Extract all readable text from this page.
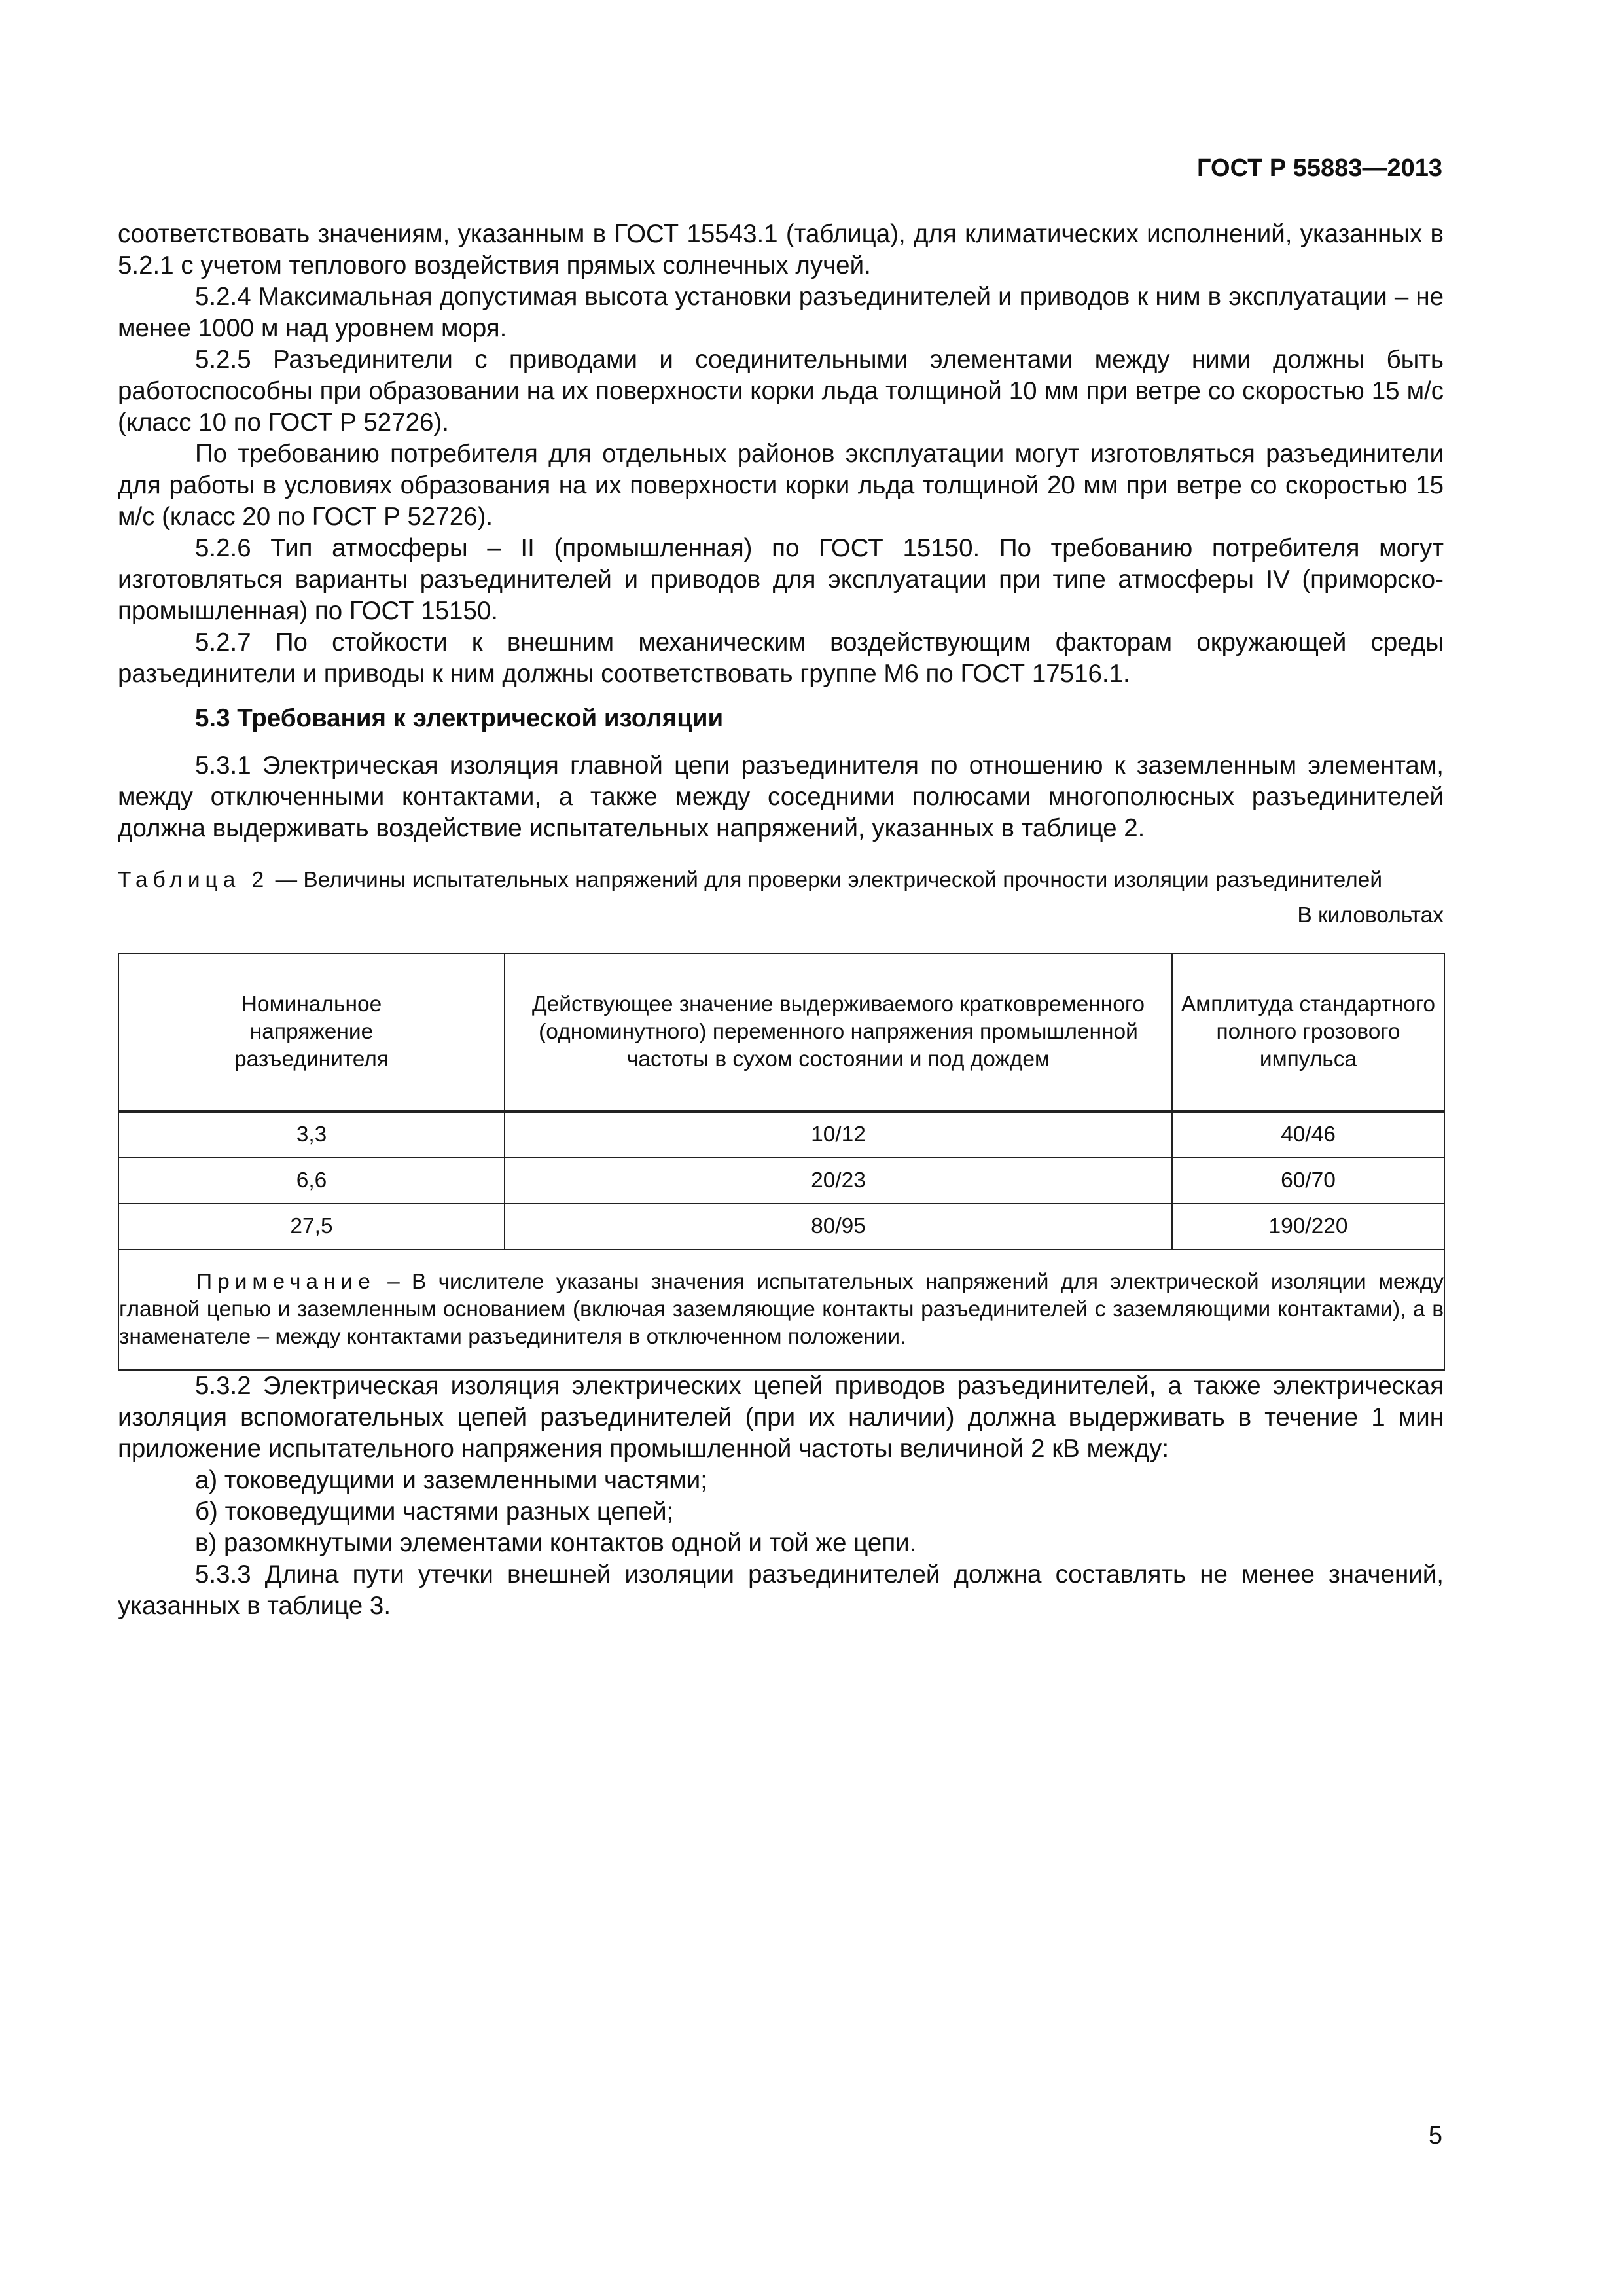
ГОСТ Р 55883—2013

соответствовать значениям, указанным в ГОСТ 15543.1 (таблица), для климатических исполнений, указанных в 5.2.1 с учетом теплового воздействия прямых солнечных лучей.

5.2.4 Максимальная допустимая высота установки разъединителей и приводов к ним в эксплуатации – не менее 1000 м над уровнем моря.

5.2.5 Разъединители с приводами и соединительными элементами между ними должны быть работоспособны при образовании на их поверхности корки льда толщиной 10 мм при ветре со скоростью 15 м/с (класс 10 по ГОСТ Р 52726).

По требованию потребителя для отдельных районов эксплуатации могут изготовляться разъединители для работы в условиях образования на их поверхности корки льда толщиной 20 мм при ветре со скоростью 15 м/с (класс 20 по ГОСТ Р 52726).

5.2.6 Тип атмосферы – II (промышленная) по ГОСТ 15150. По требованию потребителя могут изготовляться варианты разъединителей и приводов для эксплуатации при типе атмосферы IV (приморско-промышленная) по ГОСТ 15150.

5.2.7 По стойкости к внешним механическим воздействующим факторам окружающей среды разъединители и приводы к ним должны соответствовать группе М6 по ГОСТ 17516.1.

5.3 Требования к электрической изоляции

5.3.1 Электрическая изоляция главной цепи разъединителя по отношению к заземленным элементам, между отключенными контактами, а также между соседними полюсами многополюсных разъединителей должна выдерживать воздействие испытательных напряжений, указанных в таблице 2.

Таблица 2 — Величины испытательных напряжений для проверки электрической прочности изоляции разъединителей
В киловольтах
Номинальное напряжение разъединителя	Действующее значение выдерживаемого кратковременного (одноминутного) переменного напряжения промышленной частоты в сухом состоянии и под дождем	Амплитуда стандартного полного грозового импульса

3,3	10/12	40/46
6,6	20/23	60/70
27,5	80/95	190/220

Примечание – В числителе указаны значения испытательных напряжений для электрической изоляции между главной цепью и заземленным основанием (включая заземляющие контакты разъединителей с заземляющими контактами), а в знаменателе – между контактами разъединителя в отключенном положении.		

5.3.2 Электрическая изоляция электрических цепей приводов разъединителей, а также электрическая изоляция вспомогательных цепей разъединителей (при их наличии) должна выдерживать в течение 1 мин приложение испытательного напряжения промышленной частоты величиной 2 кВ между:

а) токоведущими и заземленными частями;

б) токоведущими частями разных цепей;

в) разомкнутыми элементами контактов одной и той же цепи.

5.3.3 Длина пути утечки внешней изоляции разъединителей должна составлять не менее значений, указанных в таблице 3.

5
